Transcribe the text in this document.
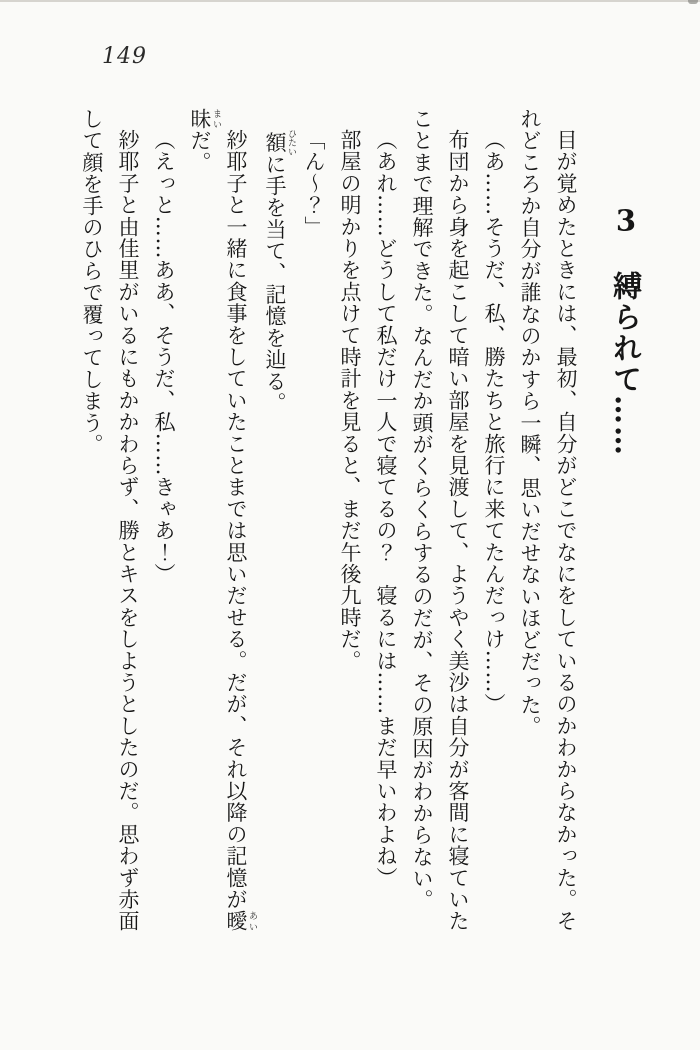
149
3縛られて……

目が覚めたときには、最初、自分がどこでなにをしているのかわからなかった。それどころか自分が誰なのかすら一瞬、思いだせないほどだった。

（あ……そうだ、私、勝たちと旅行に来てたんだっけ……）

布団から身を起こして暗い部屋を見渡して、ようやく美沙は自分が客間に寝ていたことまで理解できた。なんだか頭がくらくらするのだが、その原因がわからない。

（あれ……どうして私だけ一人で寝てるの？　寝るには……まだ早いわよね）

部屋の明かりを点けて時計を見ると、まだ午後九時だ。

「ん〜？」

額 ひたいに手を当て、記憶を辿る。

紗耶子と一緒に食事をしていたことまでは思いだせる。だが、それ以降の記憶が曖 あい昧 まいだ。

（えっと……ああ、そうだ、私……きゃあ！）

紗耶子と由佳里がいるにもかかわらず、勝とキスをしようとしたのだ。思わず赤面して顔を手のひらで覆ってしまう。
